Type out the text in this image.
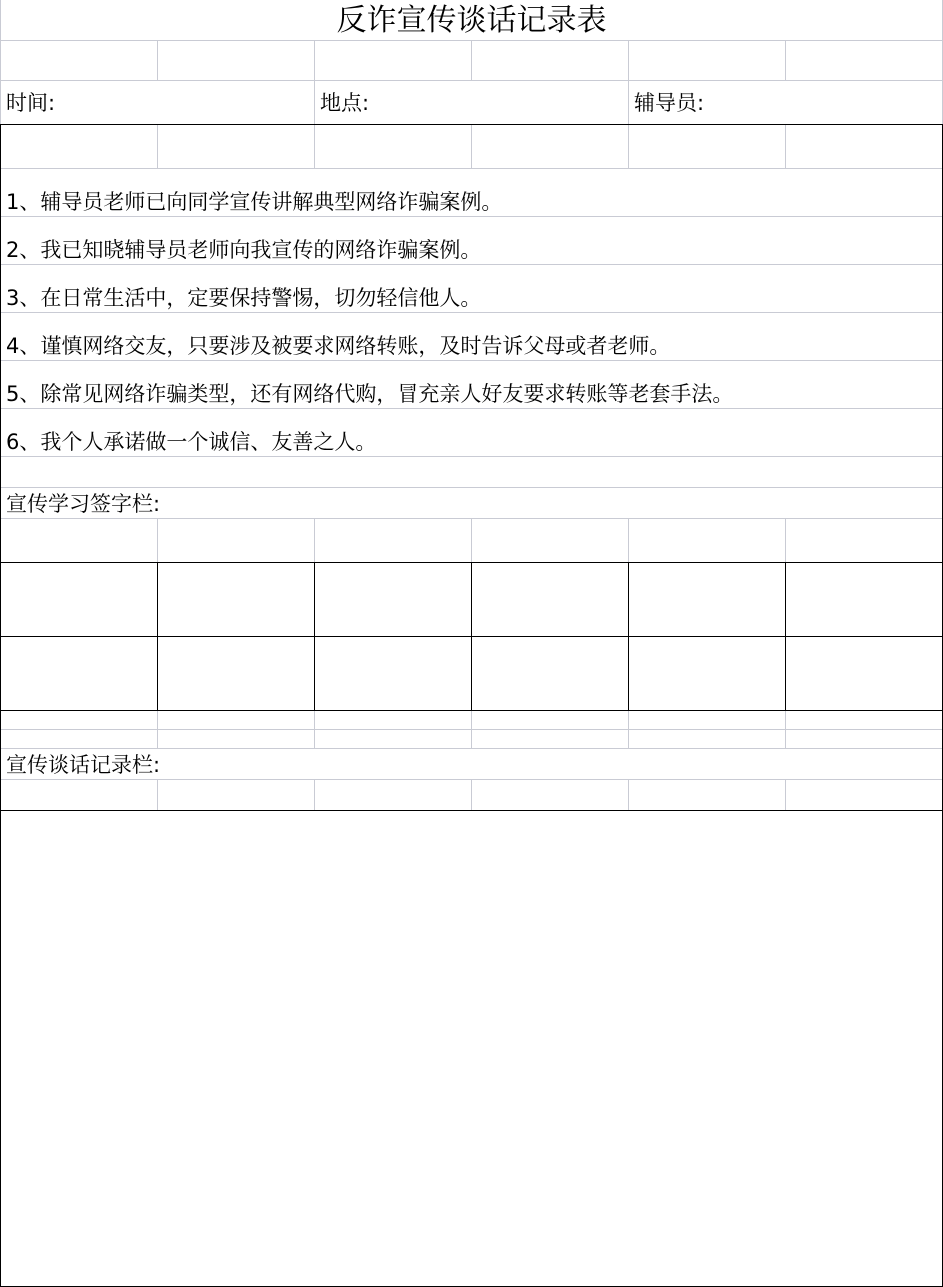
反诈宣传谈话记录表
时间:	地点:	辅导员:
1、辅导员老师已向同学宣传讲解典型网络诈骗案例。
2、我已知晓辅导员老师向我宣传的网络诈骗案例。
3、在日常生活中，定要保持警惕，切勿轻信他人。
4、谨慎网络交友，只要涉及被要求网络转账，及时告诉父母或者老师。
5、除常见网络诈骗类型，还有网络代购，冒充亲人好友要求转账等老套手法。
6、我个人承诺做一个诚信、友善之人。
宣传学习签字栏:
宣传谈话记录栏:
